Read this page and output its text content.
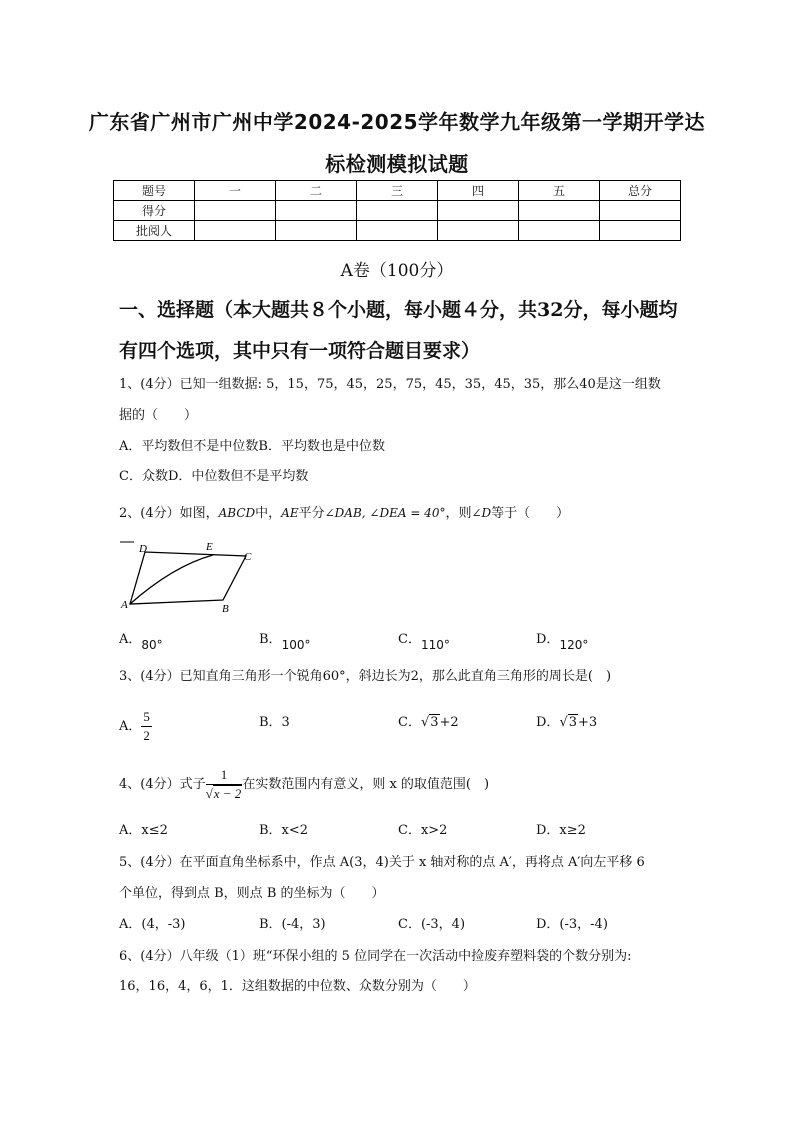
广东省广州市广州中学2024-2025学年数学九年级第一学期开学达
标检测模拟试题
题号	一	二	三	四	五	总分
得分						
批阅人						
A卷（100分）
一、选择题（本大题共８个小题，每小题４分，共32分，每小题均
有四个选项，其中只有一项符合题目要求）
1、(4分）已知一组数据: 5，15，75，45，25，75，45，35，45，35，那么40是这一组数
据的（　　）
A．平均数但不是中位数B．平均数也是中位数
C．众数D．中位数但不是平均数
2、(4分）如图，ABCD中，AE平分∠DAB, ∠DEA = 40°，则∠D等于（　　）
D	E
C
A	B
A．80°	B．100°	C．110°	D．120°
3、(4分）已知直角三角形一个锐角60°，斜边长为2，那么此直角三角形的周长是(　)
A． $\frac{5}{2}$	B．3	C．√3+2	D．√3+3
4、(4分）式子 $\frac{1}{√x - 2}$ 在实数范围内有意义，则 x 的取值范围(　)
A．x≤2	B．x<2	C．x>2	D．x≥2
5、(4分）在平面直角坐标系中，作点 A(3，4)关于 x 轴对称的点 A′，再将点 A′向左平移 6
个单位，得到点 B，则点 B 的坐标为（　　）
A．(4，-3)	B．(-4，3)	C．(-3，4)	D．(-3，-4)
6、(4分）八年级（1）班“环保小组的 5 位同学在一次活动中捡废弃塑料袋的个数分别为:
16，16，4，6，1．这组数据的中位数、众数分别为（　　）
